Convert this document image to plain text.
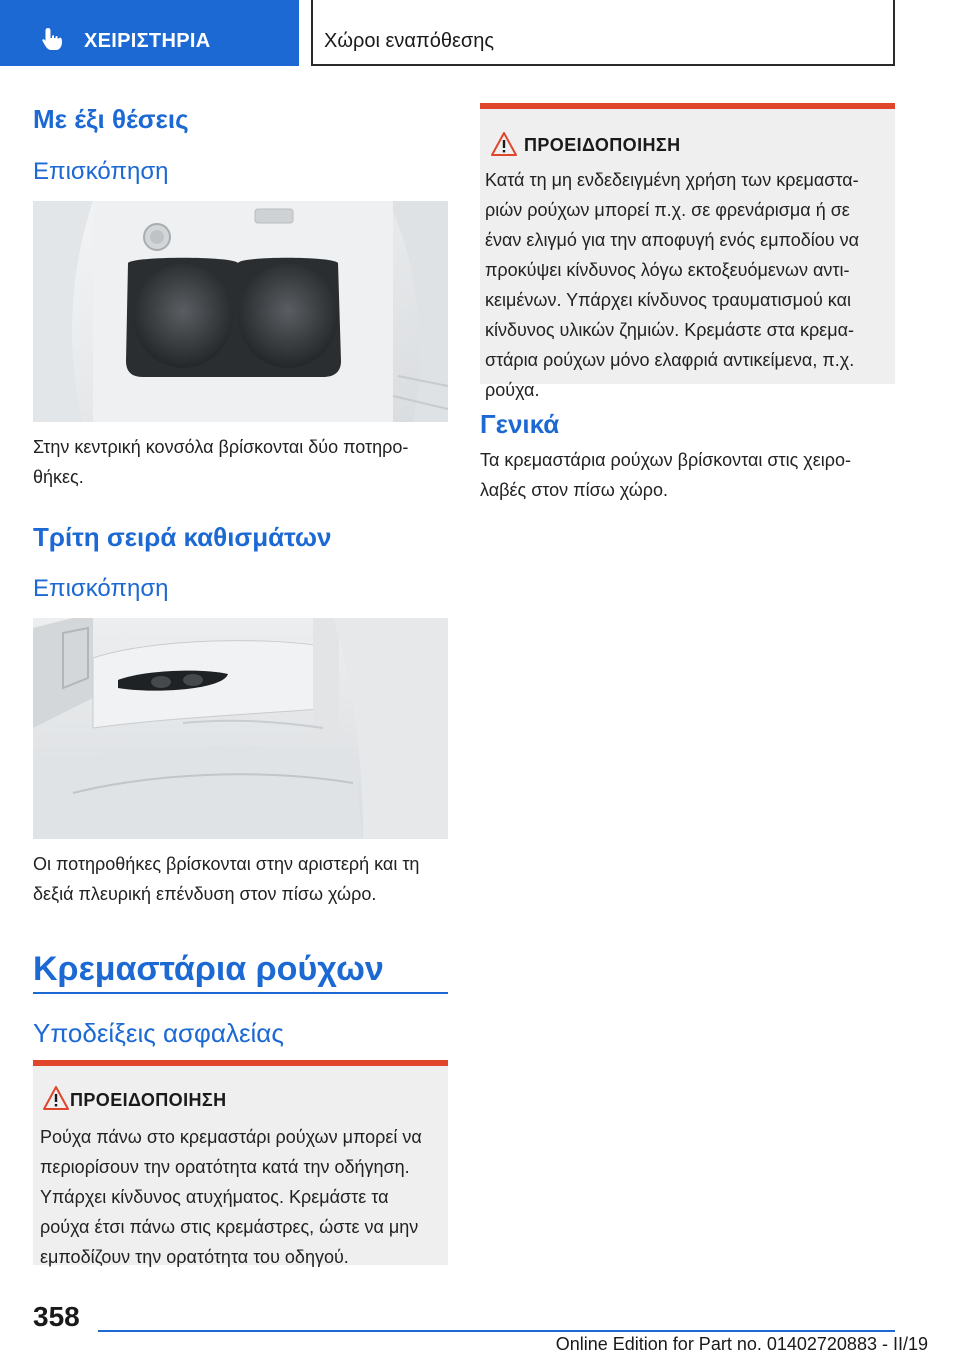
ΧΕΙΡΙΣΤΗΡΙΑ	Χώροι εναπόθεσης
Με έξι θέσεις
Επισκόπηση
Στην κεντρική κονσόλα βρίσκονται δύο ποτηρο-
θήκες.
Τρίτη σειρά καθισμάτων
Επισκόπηση
Οι ποτηροθήκες βρίσκονται στην αριστερή και τη
δεξιά πλευρική επένδυση στον πίσω χώρο.
Κρεμαστάρια ρούχων
Υποδείξεις ασφαλείας
ΠΡΟΕΙΔΟΠΟΙΗΣΗ
Ρούχα πάνω στο κρεμαστάρι ρούχων μπορεί να
περιορίσουν την ορατότητα κατά την οδήγηση.
Υπάρχει κίνδυνος ατυχήματος. Κρεμάστε τα
ρούχα έτσι πάνω στις κρεμάστρες, ώστε να μην
εμποδίζουν την ορατότητα του οδηγού.
ΠΡΟΕΙΔΟΠΟΙΗΣΗ
Κατά τη μη ενδεδειγμένη χρήση των κρεμαστα-
ριών ρούχων μπορεί π.χ. σε φρενάρισμα ή σε
έναν ελιγμό για την αποφυγή ενός εμποδίου να
προκύψει κίνδυνος λόγω εκτοξευόμενων αντι-
κειμένων. Υπάρχει κίνδυνος τραυματισμού και
κίνδυνος υλικών ζημιών. Κρεμάστε στα κρεμα-
στάρια ρούχων μόνο ελαφριά αντικείμενα, π.χ.
ρούχα.
Γενικά
Τα κρεμαστάρια ρούχων βρίσκονται στις χειρο-
λαβές στον πίσω χώρο.
358
Online Edition for Part no. 01402720883 - II/19
